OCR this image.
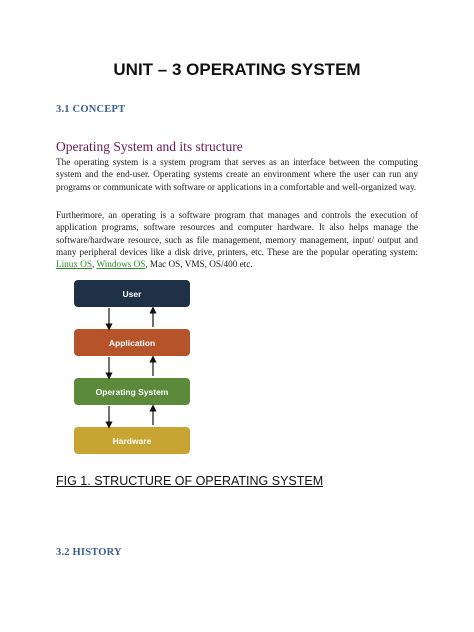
UNIT – 3 OPERATING SYSTEM
3.1 CONCEPT
Operating System and its structure

The operating system is a system program that serves as an interface between the computing system and the end-user. Operating systems create an environment where the user can run any programs or communicate with software or applications in a comfortable and well-organized way.

Furthermore, an operating is a software program that manages and controls the execution of application programs, software resources and computer hardware. It also helps manage the software/hardware resource, such as file management, memory management, input/ output and many peripheral devices like a disk drive, printers, etc. These are the popular operating system: Linux OS, Windows OS, Mac OS, VMS, OS/400 etc.

User
Application
Operating System
Hardware
FIG 1. STRUCTURE OF OPERATING SYSTEM
3.2 HISTORY
